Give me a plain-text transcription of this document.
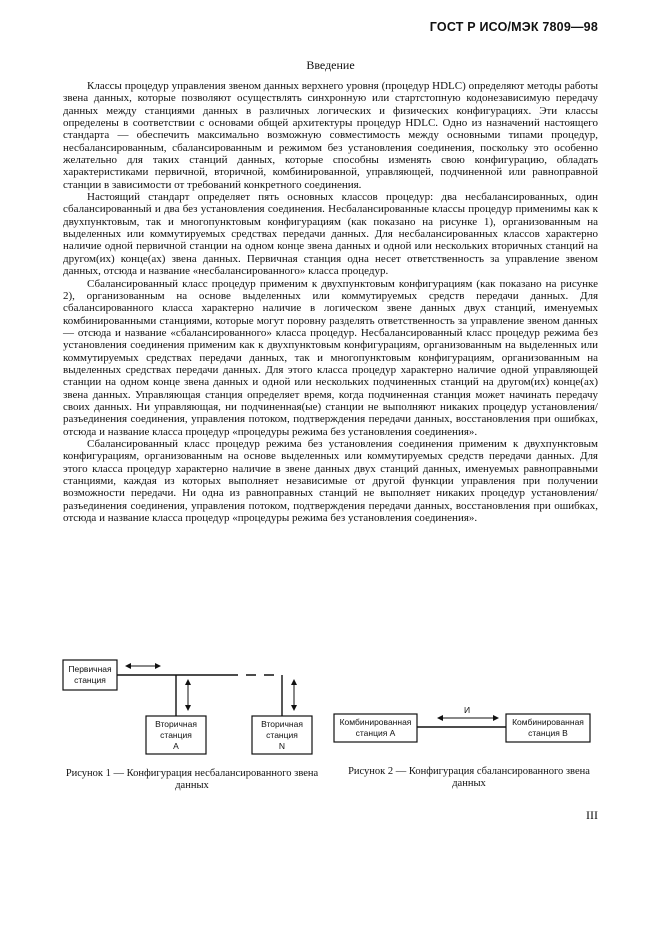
ГОСТ Р ИСО/МЭК 7809—98
Введение

Классы процедур управления звеном данных верхнего уровня (процедур HDLC) определяют методы работы звена данных, которые позволяют осуществлять синхронную или стартстопную кодонезависимую передачу данных между станциями данных в различных логических и физических конфигурациях. Эти классы определены в соответствии с основами общей архитектуры процедур HDLC. Одно из назначений настоящего стандарта — обеспечить максимально возможную совместимость между основными типами процедур, несбалансированным, сбалансированным и режимом без установления соединения, поскольку это особенно желательно для таких станций данных, которые способны изменять свою конфигурацию, обладать характеристиками первичной, вторичной, комбинированной, управляющей, подчиненной или равноправной станции в зависимости от требований конкретного соединения.

Настоящий стандарт определяет пять основных классов процедур: два несбалансированных, один сбалансированный и два без установления соединения. Несбалансированные классы процедур применимы как к двухпунктовым, так и многопунктовым конфигурациям (как показано на рисунке 1), организованным на выделенных или коммутируемых средствах передачи данных. Для несбалансированных классов характерно наличие одной первичной станции на одном конце звена данных и одной или нескольких вторичных станций на другом(их) конце(ах) звена данных. Первичная станция одна несет ответственность за управление звеном данных, отсюда и название «несбалансированного» класса процедур.

Сбалансированный класс процедур применим к двухпунктовым конфигурациям (как показано на рисунке 2), организованным на основе выделенных или коммутируемых средств передачи данных. Для сбалансированного класса характерно наличие в логическом звене данных двух станций, именуемых комбинированными станциями, которые могут поровну разделять ответственность за управление звеном данных — отсюда и название «сбалансированного» класса процедур. Несбалансированный класс процедур режима без установления соединения применим как к двухпунктовым конфигурациям, организованным на выделенных или коммутируемых средствах передачи данных, так и многопунктовым конфигурациям, организованным на выделенных средствах передачи данных. Для этого класса процедур характерно наличие одной управляющей станции на одном конце звена данных и одной или нескольких подчиненных станций на другом(их) конце(ах) звена данных. Управляющая станция определяет время, когда подчиненная станция может начинать передачу своих данных. Ни управляющая, ни подчиненная(ые) станции не выполняют никаких процедур установления/разъединения соединения, управления потоком, подтверждения передачи данных, восстановления при ошибках, отсюда и название класса процедур «процедуры режима без установления соединения».

Сбалансированный класс процедур режима без установления соединения применим к двухпунктовым конфигурациям, организованным на основе выделенных или коммутируемых средств передачи данных. Для этого класса процедур характерно наличие в звене данных двух станций данных, именуемых равноправными станциями, каждая из которых выполняет независимые от другой функции управления при получении возможности передачи. Ни одна из равноправных станций не выполняет никаких процедур установления/разъединения соединения, управления потоком, подтверждения передачи данных, восстановления при ошибках, отсюда и название класса процедур «процедуры режима без установления соединения».

Первичная
станция
Вторичная
станция
А
Вторичная
станция
N
Рисунок 1 — Конфигурация несбалансированного звена данных
И
Комбинированная
станция А
Комбинированная
станция В
Рисунок 2 — Конфигурация сбалансированного звена данных
III
